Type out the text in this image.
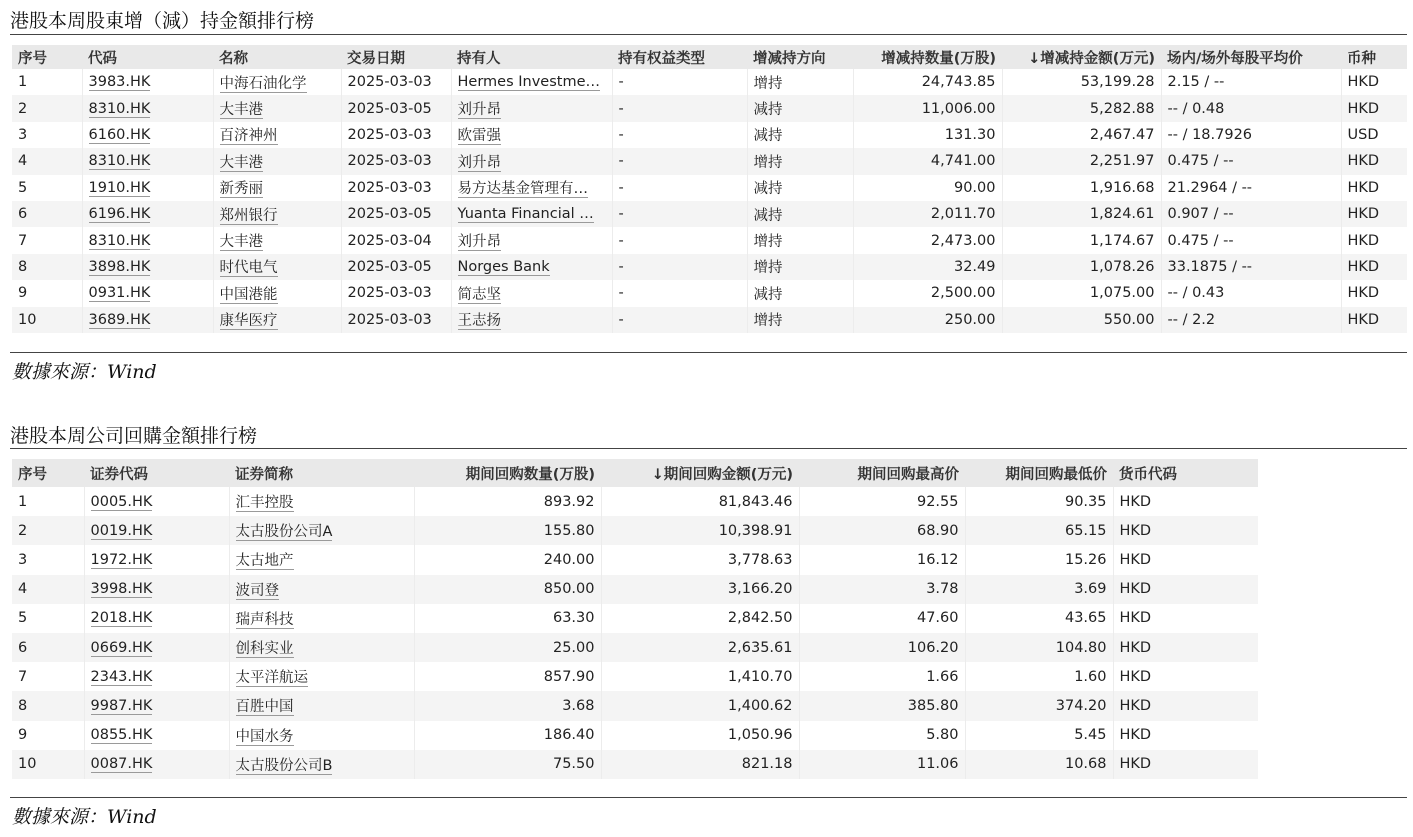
港股本周股東增（減）持金額排行榜
序号	代码	名称	交易日期	持有人	持有权益类型	增减持方向	增减持数量(万股)	↓增减持金额(万元)	场内/场外每股平均价	币种
1	3983.HK	中海石油化学	2025-03-03	Hermes Investme…	-	增持	24,743.85	53,199.28	2.15 / --	HKD
2	8310.HK	大丰港	2025-03-05	刘升昂	-	减持	11,006.00	5,282.88	-- / 0.48	HKD
3	6160.HK	百济神州	2025-03-03	欧雷强	-	减持	131.30	2,467.47	-- / 18.7926	USD
4	8310.HK	大丰港	2025-03-03	刘升昂	-	增持	4,741.00	2,251.97	0.475 / --	HKD
5	1910.HK	新秀丽	2025-03-03	易方达基金管理有…	-	减持	90.00	1,916.68	21.2964 / --	HKD
6	6196.HK	郑州银行	2025-03-05	Yuanta Financial …	-	减持	2,011.70	1,824.61	0.907 / --	HKD
7	8310.HK	大丰港	2025-03-04	刘升昂	-	增持	2,473.00	1,174.67	0.475 / --	HKD
8	3898.HK	时代电气	2025-03-05	Norges Bank	-	增持	32.49	1,078.26	33.1875 / --	HKD
9	0931.HK	中国港能	2025-03-03	简志坚	-	减持	2,500.00	1,075.00	-- / 0.43	HKD
10	3689.HK	康华医疗	2025-03-03	王志扬	-	增持	250.00	550.00	-- / 2.2	HKD
數據來源：Wind
港股本周公司回購金額排行榜
序号	证券代码	证券简称	期间回购数量(万股)	↓期间回购金额(万元)	期间回购最高价	期间回购最低价	货币代码
1	0005.HK	汇丰控股	893.92	81,843.46	92.55	90.35	HKD
2	0019.HK	太古股份公司A	155.80	10,398.91	68.90	65.15	HKD
3	1972.HK	太古地产	240.00	3,778.63	16.12	15.26	HKD
4	3998.HK	波司登	850.00	3,166.20	3.78	3.69	HKD
5	2018.HK	瑞声科技	63.30	2,842.50	47.60	43.65	HKD
6	0669.HK	创科实业	25.00	2,635.61	106.20	104.80	HKD
7	2343.HK	太平洋航运	857.90	1,410.70	1.66	1.60	HKD
8	9987.HK	百胜中国	3.68	1,400.62	385.80	374.20	HKD
9	0855.HK	中国水务	186.40	1,050.96	5.80	5.45	HKD
10	0087.HK	太古股份公司B	75.50	821.18	11.06	10.68	HKD
數據來源：Wind
